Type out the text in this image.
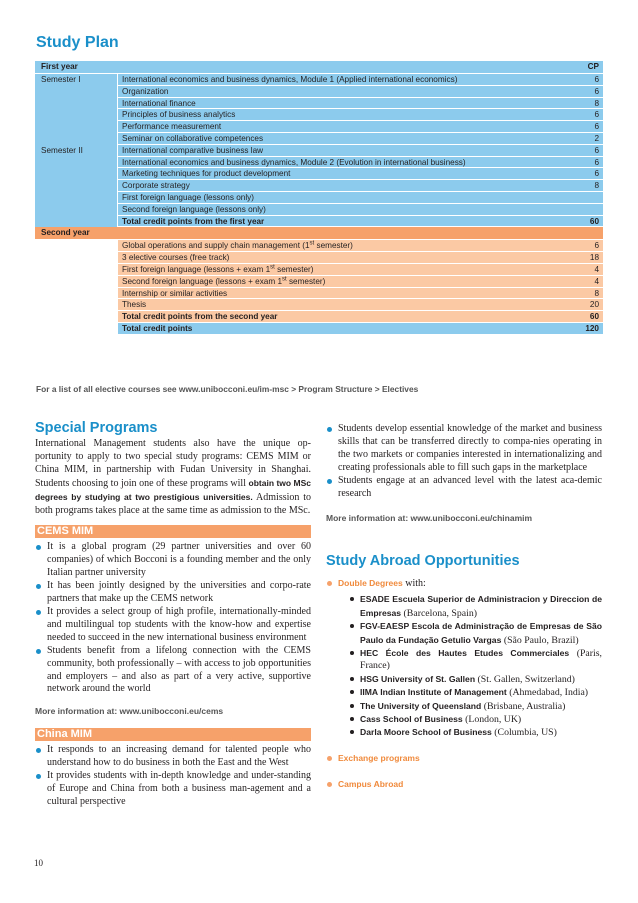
Study Plan
First year	CP
Semester I	International economics and business dynamics, Module 1 (Applied international economics)	6
Organization	6
International finance	8
Principles of business analytics	6
Performance measurement	6
Seminar on collaborative competences	2
Semester II	International comparative business law	6
International economics and business dynamics, Module 2 (Evolution in international business)	6
Marketing techniques for product development	6
Corporate strategy	8
First foreign language (lessons only)
Second foreign language (lessons only)
Total credit points from the first year	60
Second year
Global operations and supply chain management (1st semester)	6
3 elective courses (free track)	18
First foreign language (lessons + exam 1st semester)	4
Second foreign language (lessons + exam 1st semester)	4
Internship or similar activities	8
Thesis	20
Total credit points from the second year	60
Total credit points	120
For a list of all elective courses see www.unibocconi.eu/im-msc > Program Structure > Electives
Special Programs
International Management students also have the unique op-portunity to apply to two special study programs: CEMS MIM or China MIM, in partnership with Fudan University in Shanghai. Students choosing to join one of these programs will obtain two MSc degrees by studying at two prestigious universities. Admission to both programs takes place at the same time as admission to the MSc.
CEMS MIM
It is a global program (29 partner universities and over 60 companies) of which Bocconi is a founding member and the only Italian partner university
It has been jointly designed by the universities and corpo-rate partners that make up the CEMS network
It provides a select group of high profile, internationally-minded and multilingual top students with the know-how and expertise needed to succeed in the new international business environment
Students benefit from a lifelong connection with the CEMS community, both professionally – with access to job opportunities and employers – and also as part of a very active, supportive network around the world
More information at: www.unibocconi.eu/cems
China MIM
It responds to an increasing demand for talented people who understand how to do business in both the East and the West
It provides students with in-depth knowledge and under-standing of Europe and China from both a business man-agement and a cultural perspective
Students develop essential knowledge of the market and business skills that can be transferred directly to compa-nies operating in the two markets or companies interested in internationalizing and creating professionals able to fill such gaps in the marketplace
Students engage at an advanced level with the latest aca-demic research
More information at: www.unibocconi.eu/chinamim
Study Abroad Opportunities
Double Degrees with:
ESADE Escuela Superior de Administracion y Direccion de Empresas (Barcelona, Spain)
FGV-EAESP Escola de Administração de Empresas de São Paulo da Fundação Getulio Vargas (São Paulo, Brazil)
HEC École des Hautes Etudes Commerciales (Paris, France)
HSG University of St. Gallen (St. Gallen, Switzerland)
IIMA Indian Institute of Management (Ahmedabad, India)
The University of Queensland (Brisbane, Australia)
Cass School of Business (London, UK)
Darla Moore School of Business (Columbia, US)
Exchange programs
Campus Abroad
10
